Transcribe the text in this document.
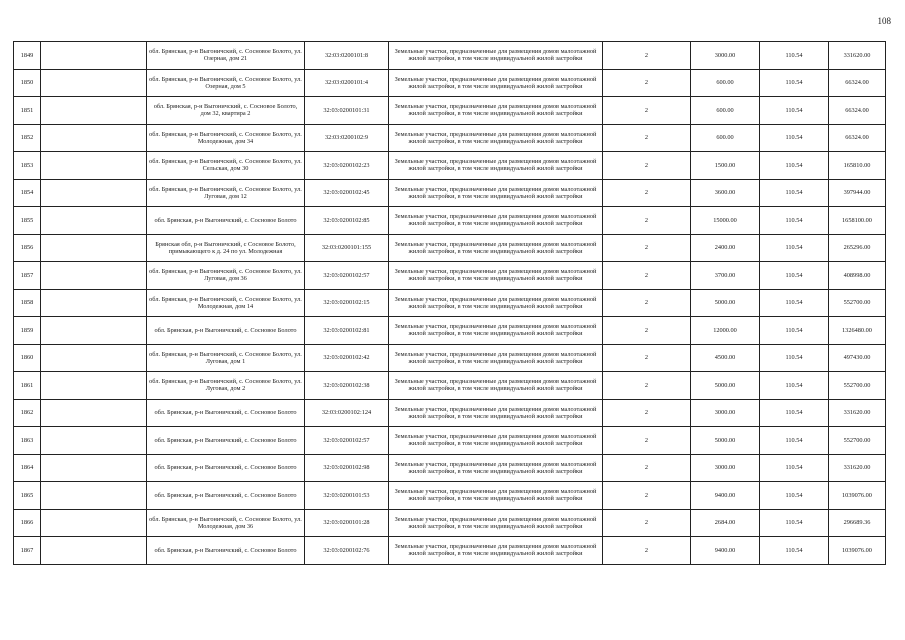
108
1849		обл. Брянская, р-н Выгоничский, с. Сосновое Болото, ул. Озерная, дом 21	32:03:0200101:8	Земельные участки, предназначенные для размещения домов малоэтажной жилой застройки, в том числе индивидуальной жилой застройки	2	3000.00	110.54	331620.00
1850		обл. Брянская, р-н Выгоничский, с. Сосновое Болото, ул. Озерная, дом 5	32:03:0200101:4	Земельные участки, предназначенные для размещения домов малоэтажной жилой застройки, в том числе индивидуальной жилой застройки	2	600.00	110.54	66324.00
1851		обл. Брянская, р-н Выгоничский, с. Сосновое Болото, дом 32, квартира 2	32:03:0200101:31	Земельные участки, предназначенные для размещения домов малоэтажной жилой застройки, в том числе индивидуальной жилой застройки	2	600.00	110.54	66324.00
1852		обл. Брянская, р-н Выгоничский, с. Сосновое Болото, ул. Молодежная, дом 34	32:03:0200102:9	Земельные участки, предназначенные для размещения домов малоэтажной жилой застройки, в том числе индивидуальной жилой застройки	2	600.00	110.54	66324.00
1853		обл. Брянская, р-н Выгоничский, с. Сосновое Болото, ул. Сельская, дом 30	32:03:0200102:23	Земельные участки, предназначенные для размещения домов малоэтажной жилой застройки, в том числе индивидуальной жилой застройки	2	1500.00	110.54	165810.00
1854		обл. Брянская, р-н Выгоничский, с. Сосновое Болото, ул. Луговая, дом 12	32:03:0200102:45	Земельные участки, предназначенные для размещения домов малоэтажной жилой застройки, в том числе индивидуальной жилой застройки	2	3600.00	110.54	397944.00
1855		обл. Брянская, р-н Выгоничский, с. Сосновое Болото	32:03:0200102:85	Земельные участки, предназначенные для размещения домов малоэтажной жилой застройки, в том числе индивидуальной жилой застройки	2	15000.00	110.54	1658100.00
1856		Брянская обл, р-н Выгоничский, с Сосновое Болото, примыкающего к д. 24 по ул. Молодежная	32:03:0200101:155	Земельные участки, предназначенные для размещения домов малоэтажной жилой застройки, в том числе индивидуальной жилой застройки	2	2400.00	110.54	265296.00
1857		обл. Брянская, р-н Выгоничский, с. Сосновое Болото, ул. Луговая, дом 36	32:03:0200102:57	Земельные участки, предназначенные для размещения домов малоэтажной жилой застройки, в том числе индивидуальной жилой застройки	2	3700.00	110.54	408998.00
1858		обл. Брянская, р-н Выгоничский, с. Сосновое Болото, ул. Молодежная, дом 14	32:03:0200102:15	Земельные участки, предназначенные для размещения домов малоэтажной жилой застройки, в том числе индивидуальной жилой застройки	2	5000.00	110.54	552700.00
1859		обл. Брянская, р-н Выгоничский, с. Сосновое Болото	32:03:0200102:81	Земельные участки, предназначенные для размещения домов малоэтажной жилой застройки, в том числе индивидуальной жилой застройки	2	12000.00	110.54	1326480.00
1860		обл. Брянская, р-н Выгоничский, с. Сосновое Болото, ул. Луговая, дом 1	32:03:0200102:42	Земельные участки, предназначенные для размещения домов малоэтажной жилой застройки, в том числе индивидуальной жилой застройки	2	4500.00	110.54	497430.00
1861		обл. Брянская, р-н Выгоничский, с. Сосновое Болото, ул. Луговая, дом 2	32:03:0200102:38	Земельные участки, предназначенные для размещения домов малоэтажной жилой застройки, в том числе индивидуальной жилой застройки	2	5000.00	110.54	552700.00
1862		обл. Брянская, р-н Выгоничский, с. Сосновое Болото	32:03:0200102:124	Земельные участки, предназначенные для размещения домов малоэтажной жилой застройки, в том числе индивидуальной жилой застройки	2	3000.00	110.54	331620.00
1863		обл. Брянская, р-н Выгоничский, с. Сосновое Болото	32:03:0200102:57	Земельные участки, предназначенные для размещения домов малоэтажной жилой застройки, в том числе индивидуальной жилой застройки	2	5000.00	110.54	552700.00
1864		обл. Брянская, р-н Выгоничский, с. Сосновое Болото	32:03:0200102:98	Земельные участки, предназначенные для размещения домов малоэтажной жилой застройки, в том числе индивидуальной жилой застройки	2	3000.00	110.54	331620.00
1865		обл. Брянская, р-н Выгоничский, с. Сосновое Болото	32:03:0200101:53	Земельные участки, предназначенные для размещения домов малоэтажной жилой застройки, в том числе индивидуальной жилой застройки	2	9400.00	110.54	1039076.00
1866		обл. Брянская, р-н Выгоничский, с. Сосновое Болото, ул. Молодежная, дом 36	32:03:0200101:28	Земельные участки, предназначенные для размещения домов малоэтажной жилой застройки, в том числе индивидуальной жилой застройки	2	2684.00	110.54	296689.36
1867		обл. Брянская, р-н Выгоничский, с. Сосновое Болото	32:03:0200102:76	Земельные участки, предназначенные для размещения домов малоэтажной жилой застройки, в том числе индивидуальной жилой застройки	2	9400.00	110.54	1039076.00
